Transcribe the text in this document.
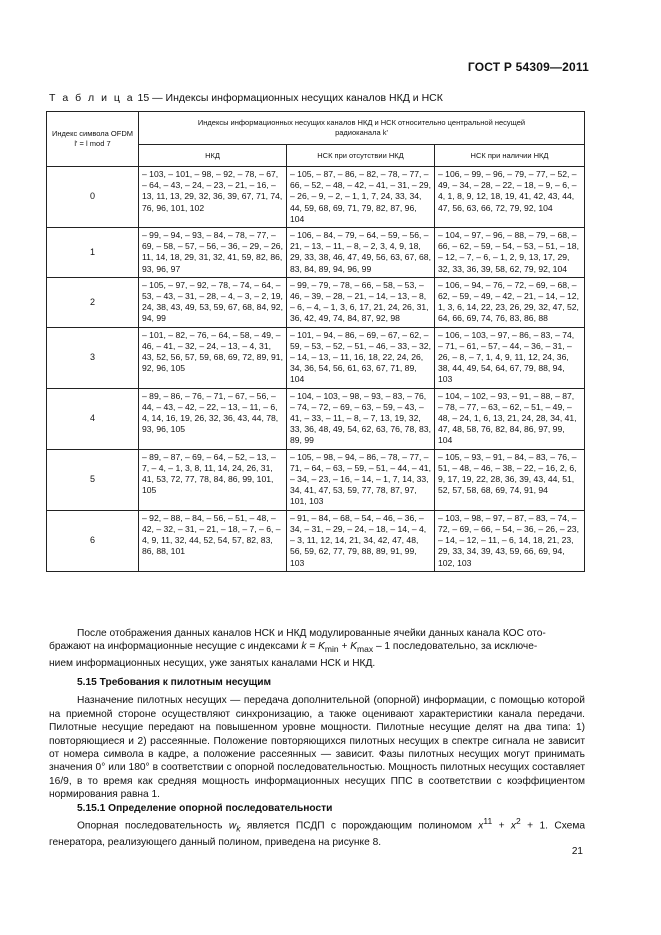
ГОСТ Р 54309—2011
Т а б л и ц а 15 — Индексы информационных несущих каналов НКД и НСК
Индекс символа OFDM l' = l mod 7	Индексы информационных несущих каналов НКД и НСК относительно центральной несущей радиоканала k'		
	НКД	НСК при отсутствии НКД	НСК при наличии НКД
0	– 103, – 101, – 98, – 92, – 78, – 67, – 64, – 43, – 24, – 23, – 21, – 16, – 13, 11, 13, 29, 32, 36, 39, 67, 71, 74, 76, 96, 101, 102	– 105, – 87, – 86, – 82, – 78, – 77, – 66, – 52, – 48, – 42, – 41, – 31, – 29, – 26, – 9, – 2, – 1, 1, 7, 24, 33, 34, 44, 59, 68, 69, 71, 79, 82, 87, 96, 104	– 106, – 99, – 96, – 79, – 77, – 52, – 49, – 34, – 28, – 22, – 18, – 9, – 6, – 4, 1, 8, 9, 12, 18, 19, 41, 42, 43, 44, 47, 56, 63, 66, 72, 79, 92, 104
1	– 99, – 94, – 93, – 84, – 78, – 77, – 69, – 58, – 57, – 56, – 36, – 29, – 26, 11, 14, 18, 29, 31, 32, 41, 59, 82, 86, 93, 96, 97	– 106, – 84, – 79, – 64, – 59, – 56, – 21, – 13, – 11, – 8, – 2, 3, 4, 9, 18, 29, 33, 38, 46, 47, 49, 56, 63, 67, 68, 83, 84, 89, 94, 96, 99	– 104, – 97, – 96, – 88, – 79, – 68, – 66, – 62, – 59, – 54, – 53, – 51, – 18, – 12, – 7, – 6, – 1, 2, 9, 13, 17, 29, 32, 33, 36, 39, 58, 62, 79, 92, 104
2	– 105, – 97, – 92, – 78, – 74, – 64, – 53, – 43, – 31, – 28, – 4, – 3, – 2, 19, 24, 38, 43, 49, 53, 59, 67, 68, 84, 92, 94, 99	– 99, – 79, – 78, – 66, – 58, – 53, – 46, – 39, – 28, – 21, – 14, – 13, – 8, – 6, – 4, – 1, 3, 6, 17, 21, 24, 26, 31, 36, 42, 49, 74, 84, 87, 92, 98	– 106, – 94, – 76, – 72, – 69, – 68, – 62, – 59, – 49, – 42, – 21, – 14, – 12, 1, 3, 6, 14, 22, 23, 26, 29, 32, 47, 52, 64, 66, 69, 74, 76, 83, 86, 88
3	– 101, – 82, – 76, – 64, – 58, – 49, – 46, – 41, – 32, – 24, – 13, – 4, 31, 43, 52, 56, 57, 59, 68, 69, 72, 89, 91, 92, 96, 105	– 101, – 94, – 86, – 69, – 67, – 62, – 59, – 53, – 52, – 51, – 46, – 33, – 32, – 14, – 13, – 11, 16, 18, 22, 24, 26, 34, 36, 54, 56, 61, 63, 67, 71, 89, 104	– 106, – 103, – 97, – 86, – 83, – 74, – 71, – 61, – 57, – 44, – 36, – 31, – 26, – 8, – 7, 1, 4, 9, 11, 12, 24, 36, 38, 44, 49, 54, 64, 67, 79, 88, 94, 103
4	– 89, – 86, – 76, – 71, – 67, – 56, – 44, – 43, – 42, – 22, – 13, – 11, – 6, 4, 14, 16, 19, 26, 32, 36, 43, 44, 78, 93, 96, 105	– 104, – 103, – 98, – 93, – 83, – 76, – 74, – 72, – 69, – 63, – 59, – 43, – 41, – 33, – 11, – 8, – 7, 13, 19, 32, 33, 36, 48, 49, 54, 62, 63, 76, 78, 83, 89, 99	– 104, – 102, – 93, – 91, – 88, – 87, – 78, – 77, – 63, – 62, – 51, – 49, – 48, – 24, 1, 6, 13, 21, 24, 28, 34, 41, 47, 48, 58, 76, 82, 84, 86, 97, 99, 104
5	– 89, – 87, – 69, – 64, – 52, – 13, – 7, – 4, – 1, 3, 8, 11, 14, 24, 26, 31, 41, 53, 72, 77, 78, 84, 86, 99, 101, 105	– 105, – 98, – 94, – 86, – 78, – 77, – 71, – 64, – 63, – 59, – 51, – 44, – 41, – 34, – 23, – 16, – 14, – 1, 7, 14, 33, 34, 41, 47, 53, 59, 77, 78, 87, 97, 101, 103	– 105, – 93, – 91, – 84, – 83, – 76, – 51, – 48, – 46, – 38, – 22, – 16, 2, 6, 9, 17, 19, 22, 28, 36, 39, 43, 44, 51, 52, 57, 58, 68, 69, 74, 91, 94
6	– 92, – 88, – 84, – 56, – 51, – 48, – 42, – 32, – 31, – 21, – 18, – 7, – 6, – 4, 9, 11, 32, 44, 52, 54, 57, 82, 83, 86, 88, 101	– 91, – 84, – 68, – 54, – 46, – 36, – 34, – 31, – 29, – 24, – 18, – 14, – 4, – 3, 11, 12, 14, 21, 34, 42, 47, 48, 56, 59, 62, 77, 79, 88, 89, 91, 99, 103	– 103, – 98, – 97, – 87, – 83, – 74, – 72, – 69, – 66, – 54, – 36, – 26, – 23, – 14, – 12, – 11, – 6, 14, 18, 21, 23, 29, 33, 34, 39, 43, 59, 66, 69, 94, 102, 103

После отображения данных каналов НСК и НКД модулированные ячейки данных канала КОС ото-
бражают на информационные несущие с индексами $k = K_{min} + K_{max} - 1$ последовательно, за исключе-
нием информационных несущих, уже занятых каналами НСК и НКД.

5.15 Требования к пилотным несущим

Назначение пилотных несущих — передача дополнительной (опорной) информации, с помощью которой на приемной стороне осуществляют синхронизацию, а также оценивают характеристики канала передачи. Пилотные несущие передают на повышенном уровне мощности. Пилотные несущие делят на два типа: 1) повторяющиеся и 2) рассеянные. Положение повторяющихся пилотных несущих в спектре сигнала не зависит от номера символа в кадре, а положение рассеянных — зависит. Фазы пилотных несущих могут принимать значения 0° или 180° в соответствии с опорной последовательностью. Мощность пилотных несущих составляет 16/9, в то время как средняя мощность информационных несущих ППС в соответствии с коэффициентом нормирования равна 1.

5.15.1 Определение опорной последовательности

Опорная последовательность $w_k$ является ПСДП с порождающим полиномом $x^{11} + x^2 + 1$. Схема генератора, реализующего данный полином, приведена на рисунке 8.

21
